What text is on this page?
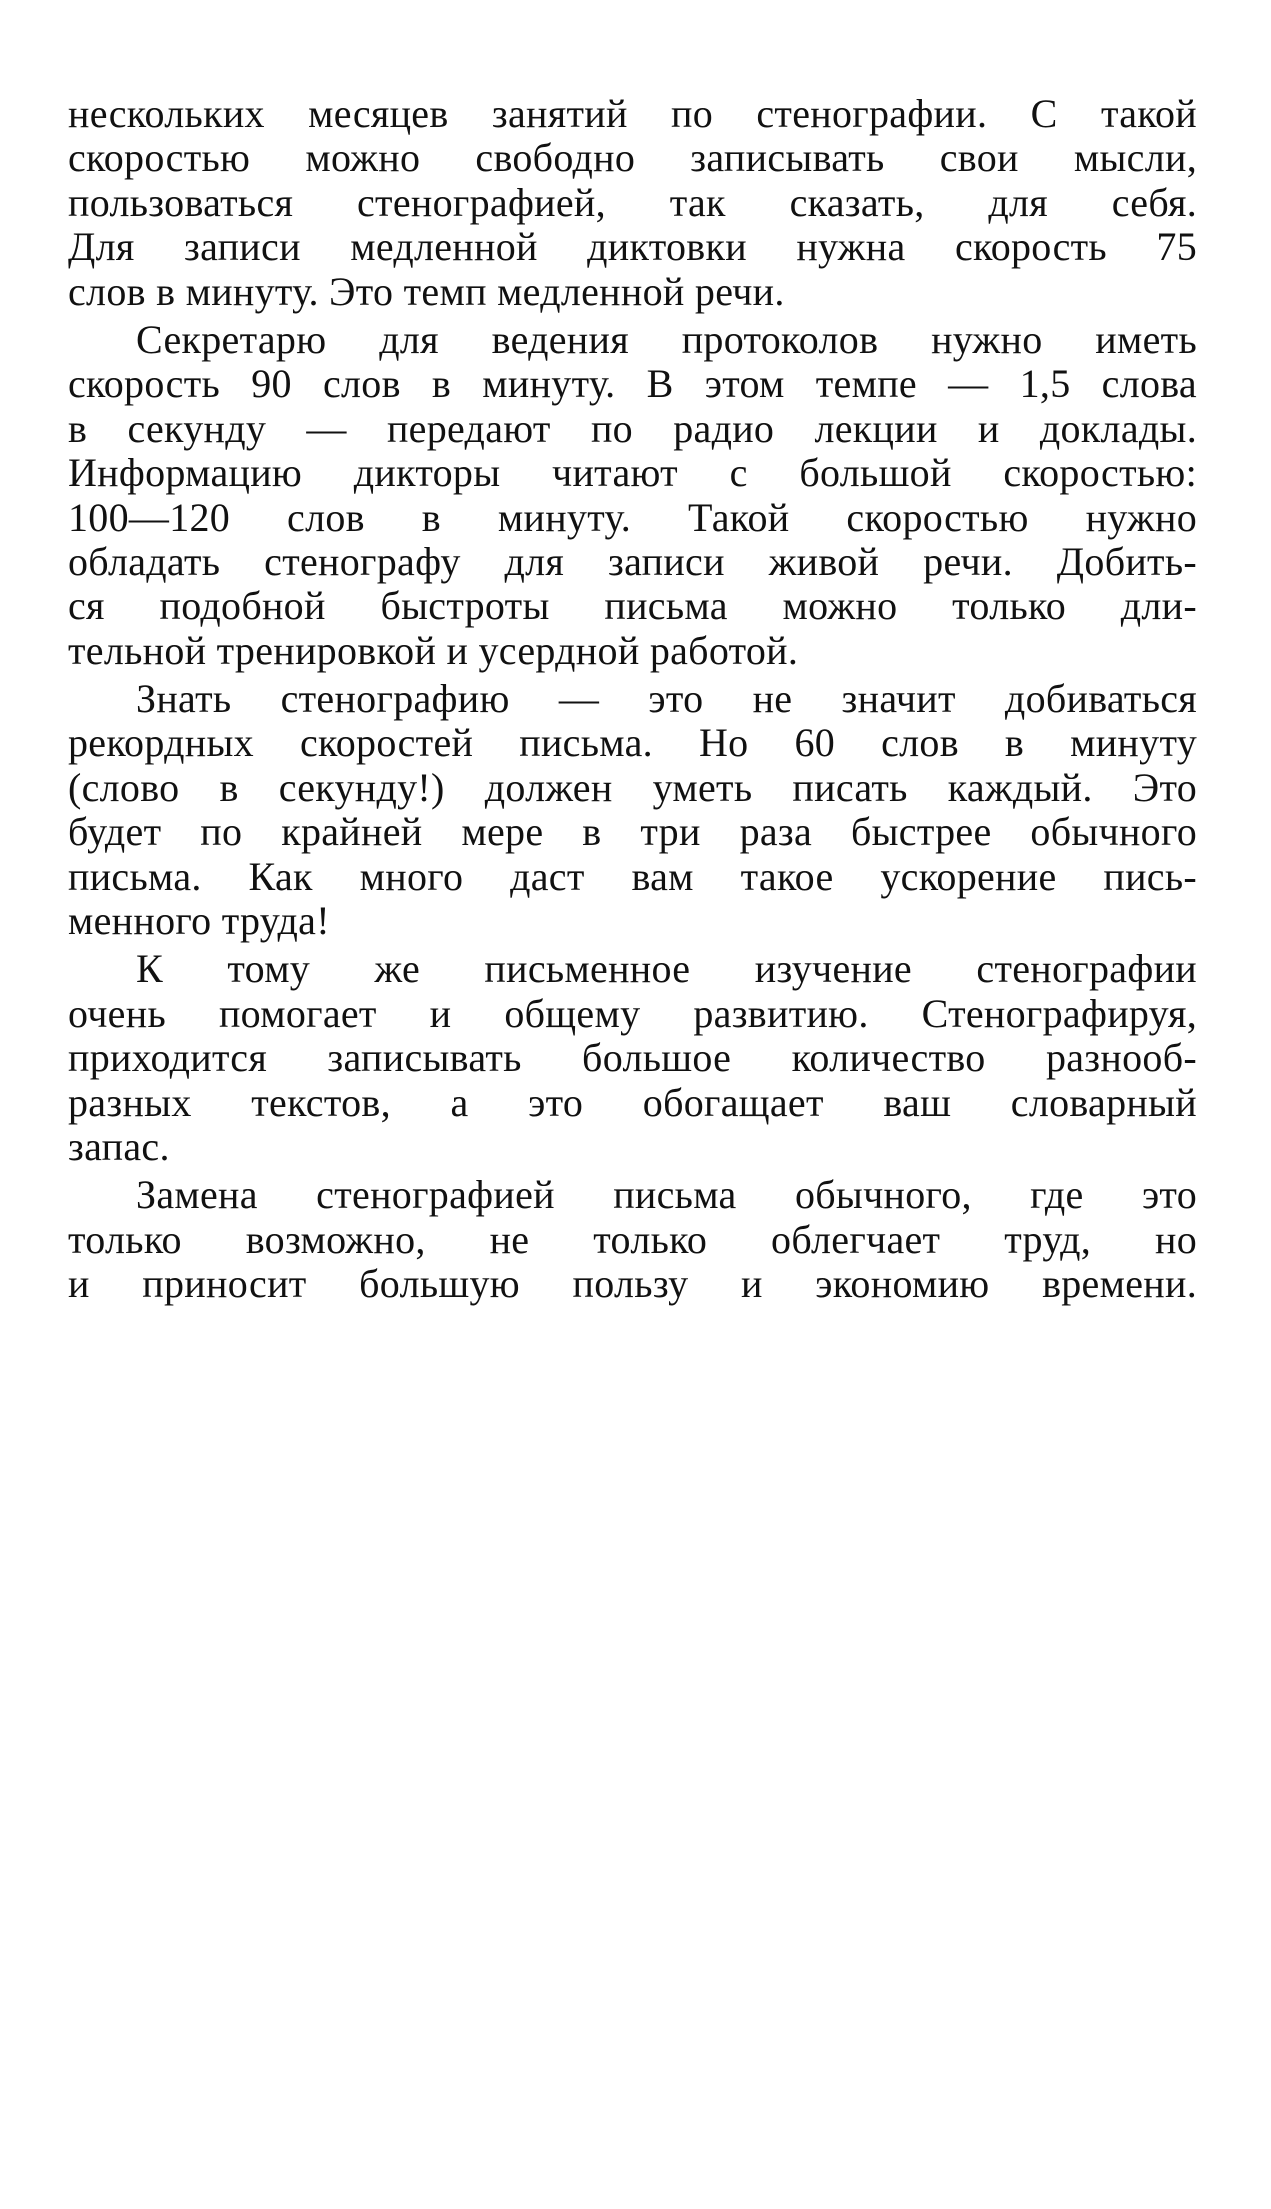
нескольких месяцев занятий по стенографии. С такой
скоростью можно свободно записывать свои мысли,
пользоваться стенографией, так сказать, для себя.
Для записи медленной диктовки нужна скорость 75
слов в минуту. Это темп медленной речи.
Секретарю для ведения протоколов нужно иметь
скорость 90 слов в минуту. В этом темпе — 1,5 слова
в секунду — передают по радио лекции и доклады.
Информацию дикторы читают с большой скоростью:
100—120 слов в минуту. Такой скоростью нужно
обладать стенографу для записи живой речи. Добить-
ся подобной быстроты письма можно только дли-
тельной тренировкой и усердной работой.
Знать стенографию — это не значит добиваться
рекордных скоростей письма. Но 60 слов в минуту
(слово в секунду!) должен уметь писать каждый. Это
будет по крайней мере в три раза быстрее обычного
письма. Как много даст вам такое ускорение пись-
менного труда!
К тому же письменное изучение стенографии
очень помогает и общему развитию. Стенографируя,
приходится записывать большое количество разнооб-
разных текстов, а это обогащает ваш словарный
запас.
Замена стенографией письма обычного, где это
только возможно, не только облегчает труд, но
и приносит большую пользу и экономию времени.
